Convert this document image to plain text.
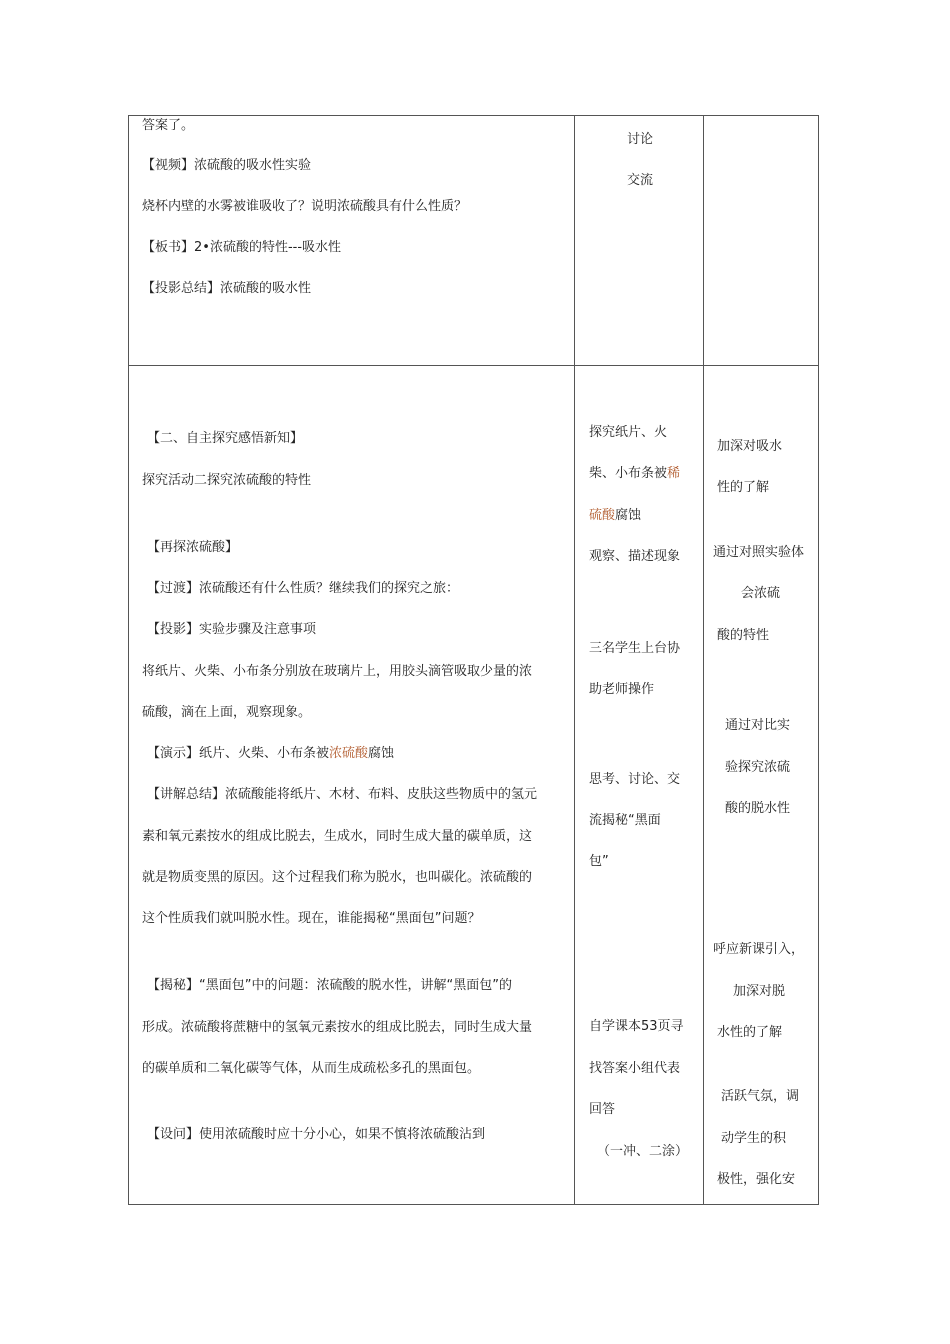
答案了。
【视频】浓硫酸的吸水性实验
烧杯内壁的水雾被谁吸收了？说明浓硫酸具有什么性质？
【板书】2•浓硫酸的特性---吸水性
【投影总结】浓硫酸的吸水性
讨论
交流
【二、自主探究感悟新知】
探究活动二探究浓硫酸的特性
【再探浓硫酸】
【过渡】浓硫酸还有什么性质？继续我们的探究之旅：
【投影】实验步骤及注意事项
将纸片、火柴、小布条分别放在玻璃片上，用胶头滴管吸取少量的浓
硫酸，滴在上面，观察现象。
【演示】纸片、火柴、小布条被浓硫酸腐蚀
【讲解总结】浓硫酸能将纸片、木材、布料、皮肤这些物质中的氢元
素和氧元素按水的组成比脱去，生成水，同时生成大量的碳单质，这
就是物质变黑的原因。这个过程我们称为脱水，也叫碳化。浓硫酸的
这个性质我们就叫脱水性。现在，谁能揭秘“黑面包”问题？
【揭秘】“黑面包”中的问题：浓硫酸的脱水性，讲解“黑面包”的
形成。浓硫酸将蔗糖中的氢氧元素按水的组成比脱去，同时生成大量
的碳单质和二氧化碳等气体，从而生成疏松多孔的黑面包。
【设问】使用浓硫酸时应十分小心，如果不慎将浓硫酸沾到
探究纸片、火
柴、小布条被稀
硫酸腐蚀
观察、描述现象
三名学生上台协
助老师操作
思考、讨论、交
流揭秘“黑面
包”
自学课本53页寻
找答案小组代表
回答
（一冲、二涂）
加深对吸水
性的了解
通过对照实验体
会浓硫
酸的特性
通过对比实
验探究浓硫
酸的脱水性
呼应新课引入，
加深对脱
水性的了解
活跃气氛，调
动学生的积
极性，强化安
